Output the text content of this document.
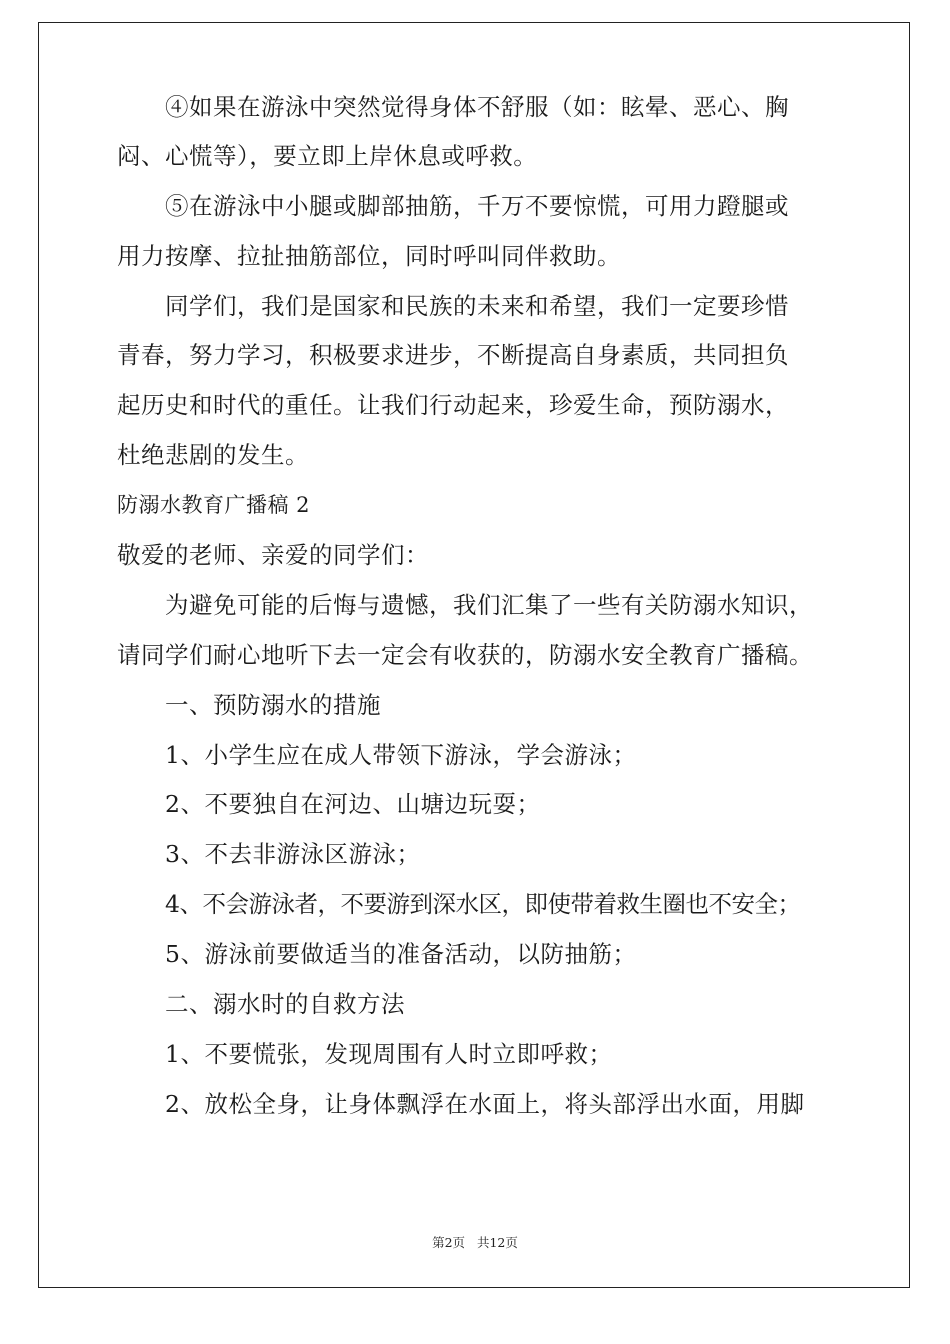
④如果在游泳中突然觉得身体不舒服（如：眩晕、恶心、胸
闷、心慌等），要立即上岸休息或呼救。
⑤在游泳中小腿或脚部抽筋，千万不要惊慌，可用力蹬腿或
用力按摩、拉扯抽筋部位，同时呼叫同伴救助。
同学们，我们是国家和民族的未来和希望，我们一定要珍惜
青春，努力学习，积极要求进步，不断提高自身素质，共同担负
起历史和时代的重任。让我们行动起来，珍爱生命，预防溺水，
杜绝悲剧的发生。
防溺水教育广播稿 2
敬爱的老师、亲爱的同学们：
为避免可能的后悔与遗憾，我们汇集了一些有关防溺水知识，
请同学们耐心地听下去一定会有收获的，防溺水安全教育广播稿。
一、预防溺水的措施
1、小学生应在成人带领下游泳，学会游泳；
2、不要独自在河边、山塘边玩耍；
3、不去非游泳区游泳；
4、不会游泳者，不要游到深水区，即使带着救生圈也不安全；
5、游泳前要做适当的准备活动，以防抽筋；
二、溺水时的自救方法
1、不要慌张，发现周围有人时立即呼救；
2、放松全身，让身体飘浮在水面上，将头部浮出水面，用脚
第2页   共12页
